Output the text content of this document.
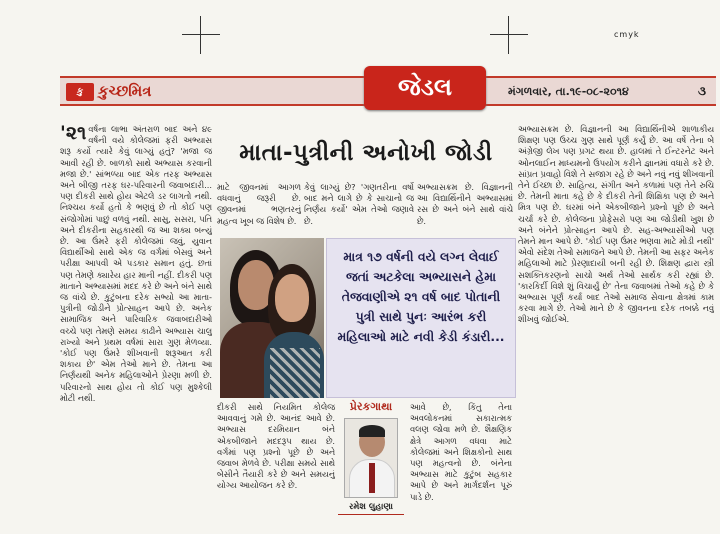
cmyk
કુ કુચ્છમિત્ર	જેડલ	મંગળવાર, તા.૧૯-૦૮-૨૦૧૪	૩
'૨૧ વર્ષના લાભા અંતરાળ બાદ અને ૪૯ વર્ષની વયે કોલેજમાં ફરી અભ્યાસ શરૂ કર્યો ત્યારે કેવું લાગ્યું હતું? 'મજા જ આવી રહી છે. બાળકો સાથે અભ્યાસ કરવાની મજા છે.' સાંભળ્યા બાદ એક તરફ અભ્યાસ અને બીજી તરફ ઘર-પરિવારની જવાબદારી... પણ દીકરી સાથે હોય એટલે ડર લાગતો નથી. નિશ્ચય કર્યો હતો કે ભણવું છે તો કોઈ પણ સંજોગોમાં પાછું વળવું નથી. સાસુ, સસરા, પતિ અને દીકરીના સહકારથી જ આ શક્ય બન્યું છે. આ ઉંમરે ફરી કોલેજમાં જવું, યુવાન વિદ્યાર્થીઓ સાથે એક જ વર્ગમાં બેસવું અને પરીક્ષા આપવી એ પડકાર સમાન હતું. છતાં પણ તેમણે ક્યારેય હાર માની નહીં. દીકરી પણ માતાને અભ્યાસમાં મદદ કરે છે અને બંને સાથે જ વાંચે છે. કુટુંબના દરેક સભ્યો આ માતા-પુત્રીની જોડીને પ્રોત્સાહન આપે છે. અનેક સામાજિક અને પારિવારિક જવાબદારીઓ વચ્ચે પણ તેમણે સમય કાઢીને અભ્યાસ ચાલુ રાખ્યો અને પ્રથમ વર્ષમાં સારા ગુણ મેળવ્યા. 'કોઈ પણ ઉંમરે શીખવાની શરૂઆત કરી શકાય છે' એમ તેઓ માને છે. તેમના આ નિર્ણયથી અનેક મહિલાઓને પ્રેરણા મળી છે. પરિવારનો સાથ હોય તો કોઈ પણ મુશ્કેલી મોટી નથી.
માતા-પુત્રીની અનોખી જોડી
માટે જીવનમાં આગળ વધવાનું જરૂરી છે. જીવનમાં ભણતરનું મહત્વ ખૂબ જ વિશેષ છે.
કેવું લાગ્યું છે? 'ગણતરીના વર્ષો બાદ મને લાગે છે કે સાચાનો જ નિર્ણય કર્યો' એમ તેઓ જણાવે છે.
અભ્યાસક્રમ છે. વિજ્ઞાનની આ વિદ્યાર્થિનીને અભ્યાસમાં રસ છે અને બંને સાથે વાંચે છે.
માત્ર ૧૭ વર્ષની વયે લગ્ન લેવાઈ જતાં અટકેલા અભ્યાસને હેમા તેજવાણીએ ૨૧ વર્ષ બાદ પોતાની પુત્રી સાથે પુનઃ આરંભ કરી મહિલાઓ માટે નવી કેડી કંડારી...
અભ્યાસક્રમ છે. વિજ્ઞાનની આ વિદ્યાર્થિનીએ શાળાકીય શિક્ષણ પણ ઉચ્ચ ગુણ સાથે પૂર્ણ કર્યું છે. આ વર્ષે તેના બે અંગ્રેજી લેખ પણ પ્રગટ થયા છે. હાલમાં તે ઈન્ટરનેટ અને ઓનલાઈન માધ્યમનો ઉપયોગ કરીને જ્ઞાનમાં વધારો કરે છે. સાંપ્રત પ્રવાહો વિશે તે સજાગ રહે છે અને નવું નવું શીખવાની તેને ઈચ્છા છે. સાહિત્ય, સંગીત અને કળામાં પણ તેને રુચિ છે. તેમની માતા કહે છે કે દીકરી તેની શિક્ષિકા પણ છે અને મિત્ર પણ છે. ઘરમાં બંને એકબીજાને પ્રશ્નો પૂછે છે અને ચર્ચા કરે છે. કોલેજના પ્રોફેસરો પણ આ જોડીથી ખુશ છે અને બંનેને પ્રોત્સાહન આપે છે. સહ-અભ્યાસીઓ પણ તેમને માન આપે છે. 'કોઈ પણ ઉંમર ભણવા માટે મોડી નથી' એવો સંદેશ તેઓ સમાજને આપે છે. તેમની આ સફર અનેક મહિલાઓ માટે પ્રેરણાદાયી બની રહી છે. શિક્ષણ દ્વારા સ્ત્રી સશક્તિકરણનો સાચો અર્થ તેઓ સાર્થક કરી રહ્યાં છે. 'કારકિર્દી વિશે શું વિચાર્યું છે' તેના જવાબમાં તેઓ કહે છે કે અભ્યાસ પૂર્ણ કર્યા બાદ તેઓ સમાજ સેવાના ક્ષેત્રમાં કામ કરવા માગે છે. તેઓ માને છે કે જીવનના દરેક તબક્કે નવું શીખવું જોઈએ.
દીકરી સાથે નિયમિત કોલેજ આવવાનું ગમે છે. આનંદ આવે છે. અભ્યાસ દરમિયાન બંને એકબીજાને મદદરૂપ થાય છે. વર્ગમાં પણ પ્રશ્નો પૂછે છે અને જવાબ મેળવે છે. પરીક્ષા સમયે સાથે બેસીને તૈયારી કરે છે અને સમયનું યોગ્ય આયોજન કરે છે.
પ્રેરકગાથા
રમેશ લુહાણા
આવે છે, કિંતુ તેના અવલોકનમાં સકારાત્મક વલણ જોવા મળે છે. શૈક્ષણિક ક્ષેત્રે આગળ વધવા માટે કોલેજમાં અને શિક્ષકોનો સાથ પણ મહત્વનો છે. બંનેના અભ્યાસ માટે કુટુંબ સહકાર આપે છે અને માર્ગદર્શન પૂરું પાડે છે.
